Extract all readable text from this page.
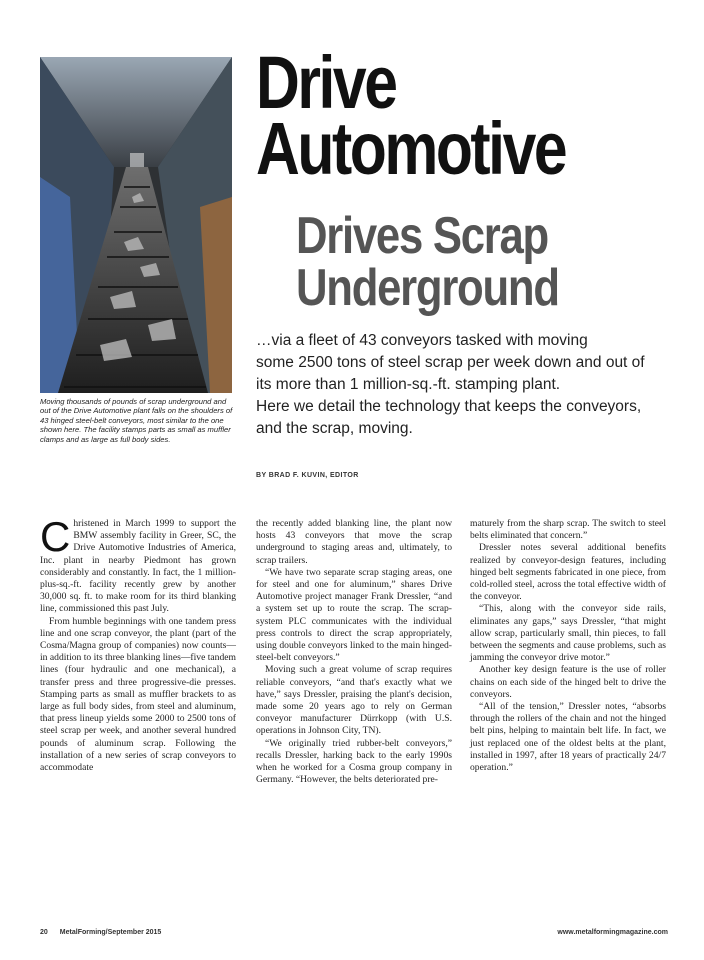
Moving thousands of pounds of scrap underground and out of the Drive Automotive plant falls on the shoulders of 43 hinged steel-belt conveyors, most similar to the one shown here. The facility stamps parts as small as muffler clamps and as large as full body sides.
Drive
Automotive
Drives Scrap
Underground
…via a fleet of 43 conveyors tasked with moving
some 2500 tons of steel scrap per week down and out of
its more than 1 million-sq.-ft. stamping plant.
Here we detail the technology that keeps the conveyors,
and the scrap, moving.
BY BRAD F. KUVIN, EDITOR

Christened in March 1999 to support the BMW assembly facility in Greer, SC, the Drive Automotive Industries of America, Inc. plant in nearby Piedmont has grown considerably and constantly. In fact, the 1 million-plus-sq.-ft. facility recently grew by another 30,000 sq. ft. to make room for its third blanking line, commissioned this past July.

From humble beginnings with one tandem press line and one scrap conveyor, the plant (part of the Cosma/Magna group of companies) now counts—in addition to its three blanking lines—five tandem lines (four hydraulic and one mechanical), a transfer press and three progressive-die presses. Stamping parts as small as muffler brackets to as large as full body sides, from steel and aluminum, that press lineup yields some 2000 to 2500 tons of steel scrap per week, and another several hundred pounds of aluminum scrap. Following the installation of a new series of scrap conveyors to accommodate

the recently added blanking line, the plant now hosts 43 conveyors that move the scrap underground to staging areas and, ultimately, to scrap trailers.

“We have two separate scrap staging areas, one for steel and one for aluminum,” shares Drive Automotive project manager Frank Dressler, “and a system set up to route the scrap. The scrap-system PLC communicates with the individual press controls to direct the scrap appropriately, using double conveyors linked to the main hinged-steel-belt conveyors.”

Moving such a great volume of scrap requires reliable conveyors, “and that's exactly what we have,” says Dressler, praising the plant's decision, made some 20 years ago to rely on German conveyor manufacturer Dürrkopp (with U.S. operations in Johnson City, TN).

“We originally tried rubber-belt conveyors,” recalls Dressler, harking back to the early 1990s when he worked for a Cosma group company in Germany. “However, the belts deteriorated pre-

maturely from the sharp scrap. The switch to steel belts eliminated that concern.”

Dressler notes several additional benefits realized by conveyor-design features, including hinged belt segments fabricated in one piece, from cold-rolled steel, across the total effective width of the conveyor.

“This, along with the conveyor side rails, eliminates any gaps,” says Dressler, “that might allow scrap, particularly small, thin pieces, to fall between the segments and cause problems, such as jamming the conveyor drive motor.”

Another key design feature is the use of roller chains on each side of the hinged belt to drive the conveyors.

“All of the tension,” Dressler notes, “absorbs through the rollers of the chain and not the hinged belt pins, helping to maintain belt life. In fact, we just replaced one of the oldest belts at the plant, installed in 1997, after 18 years of practically 24/7 operation.”

20 MetalForming/September 2015	www.metalformingmagazine.com
